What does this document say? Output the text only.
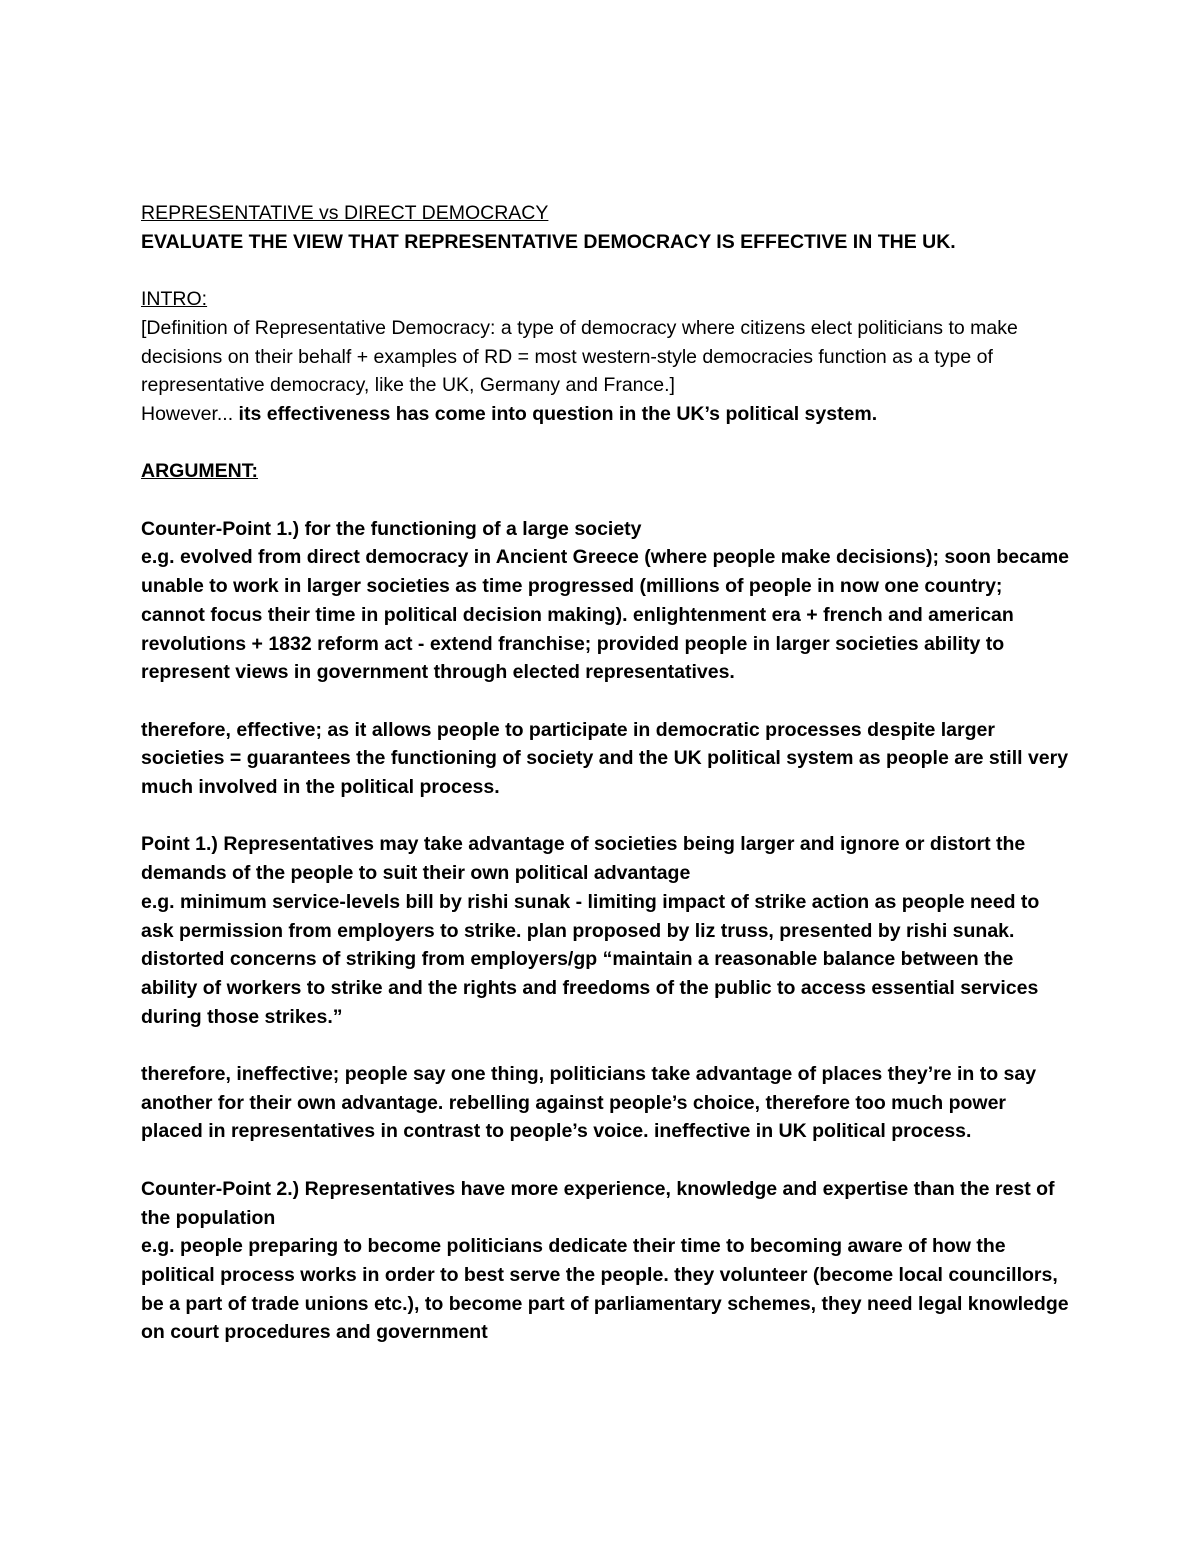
REPRESENTATIVE vs DIRECT DEMOCRACY

EVALUATE THE VIEW THAT REPRESENTATIVE DEMOCRACY IS EFFECTIVE IN THE UK.

INTRO:

[Definition of Representative Democracy: a type of democracy where citizens elect politicians to make decisions on their behalf + examples of RD = most western-style democracies function as a type of representative democracy, like the UK, Germany and France.]

However... its effectiveness has come into question in the UK’s political system.

ARGUMENT:

Counter-Point 1.) for the functioning of a large society

e.g. evolved from direct democracy in Ancient Greece (where people make decisions); soon became unable to work in larger societies as time progressed (millions of people in now one country; cannot focus their time in political decision making). enlightenment era + french and american revolutions + 1832 reform act - extend franchise; provided people in larger societies ability to represent views in government through elected representatives.

therefore, effective; as it allows people to participate in democratic processes despite larger societies = guarantees the functioning of society and the UK political system as people are still very much involved in the political process.

Point 1.) Representatives may take advantage of societies being larger and ignore or distort the demands of the people to suit their own political advantage

e.g. minimum service-levels bill by rishi sunak - limiting impact of strike action as people need to ask permission from employers to strike. plan proposed by liz truss, presented by rishi sunak. distorted concerns of striking from employers/gp “maintain a reasonable balance between the ability of workers to strike and the rights and freedoms of the public to access essential services during those strikes.”

therefore, ineffective; people say one thing, politicians take advantage of places they’re in to say another for their own advantage. rebelling against people’s choice, therefore too much power placed in representatives in contrast to people’s voice. ineffective in UK political process.

Counter-Point 2.) Representatives have more experience, knowledge and expertise than the rest of the population

e.g. people preparing to become politicians dedicate their time to becoming aware of how the political process works in order to best serve the people. they volunteer (become local councillors, be a part of trade unions etc.), to become part of parliamentary schemes, they need legal knowledge on court procedures and government
